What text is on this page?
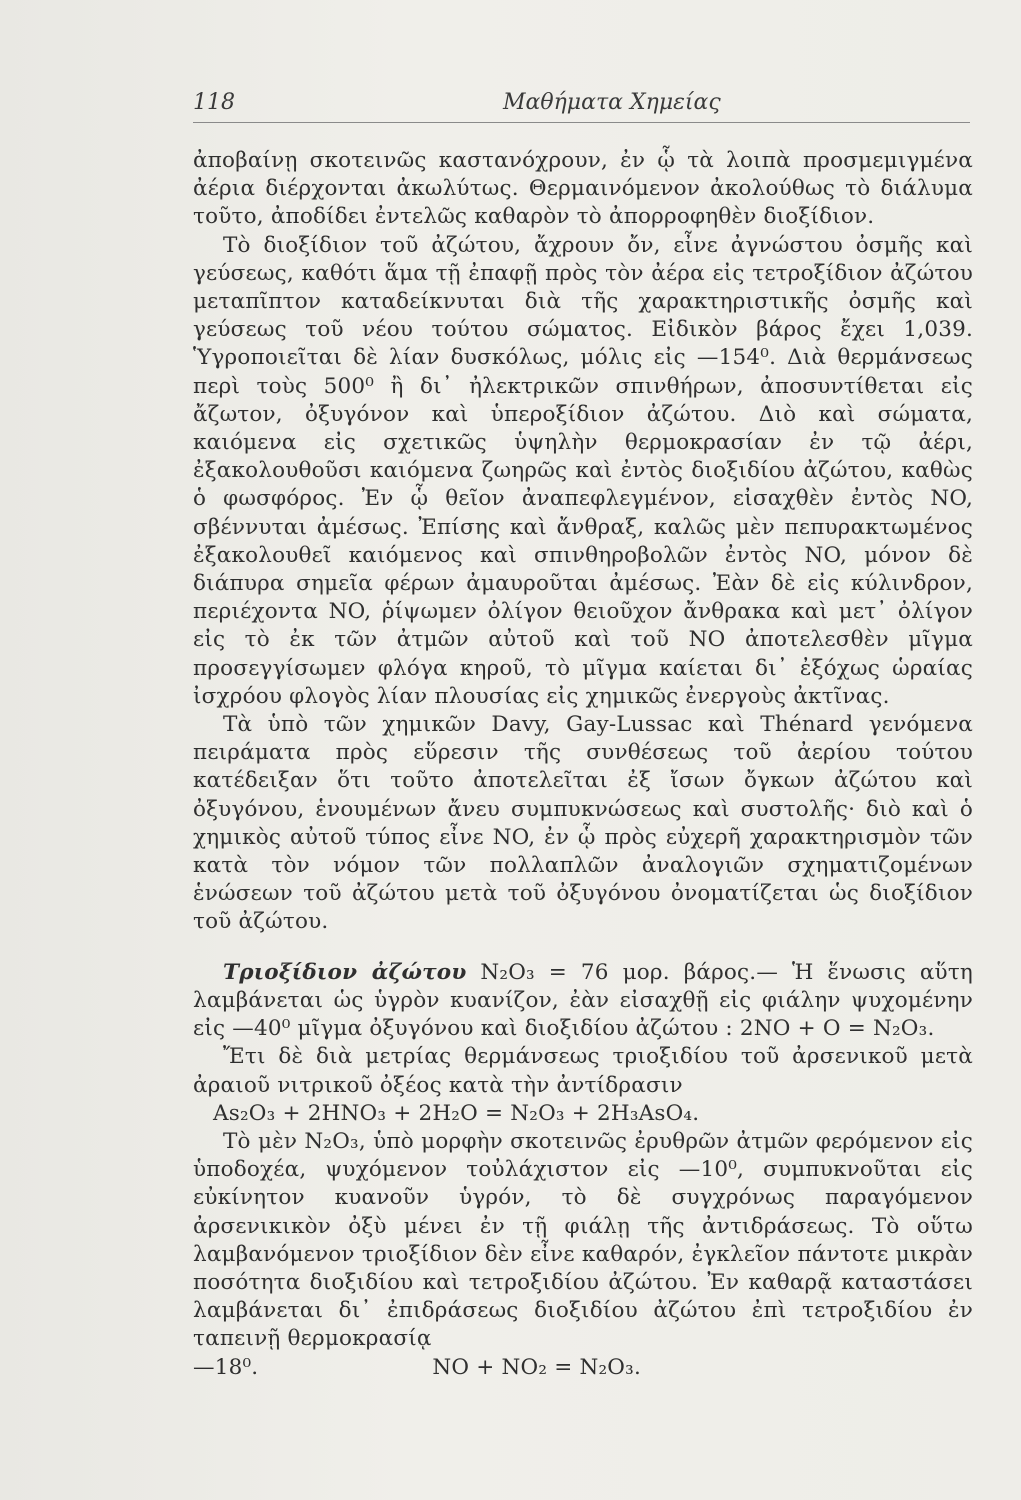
118	Μαθήματα Χημείας

ἀποβαίνῃ σκοτεινῶς καστανόχρουν, ἐν ᾧ τὰ λοιπὰ προσμεμιγμένα ἀέρια διέρχονται ἀκωλύτως. Θερμαινόμενον ἀκολούθως τὸ διάλυμα τοῦτο, ἀποδίδει ἐντελῶς καθαρὸν τὸ ἀπορροφηθὲν διοξίδιον.

Τὸ διοξίδιον τοῦ ἀζώτου, ἄχρουν ὄν, εἶνε ἀγνώστου ὀσμῆς καὶ γεύσεως, καθότι ἅμα τῇ ἐπαφῇ πρὸς τὸν ἀέρα εἰς τετροξίδιον ἀζώτου μεταπῖπτον καταδείκνυται διὰ τῆς χαρακτηριστικῆς ὀσμῆς καὶ γεύσεως τοῦ νέου τούτου σώματος. Εἰδικὸν βάρος ἔχει 1,039. Ὑγροποιεῖται δὲ λίαν δυσκόλως, μόλις εἰς —154⁰. Διὰ θερμάνσεως περὶ τοὺς 500⁰ ἢ δι᾽ ἠλεκτρικῶν σπινθήρων, ἀποσυντίθεται εἰς ἄζωτον, ὀξυγόνον καὶ ὑπεροξίδιον ἀζώτου. Διὸ καὶ σώματα, καιόμενα εἰς σχετικῶς ὑψηλὴν θερμοκρασίαν ἐν τῷ ἀέρι, ἐξακολουθοῦσι καιόμενα ζωηρῶς καὶ ἐντὸς διοξιδίου ἀζώτου, καθὼς ὁ φωσφόρος. Ἐν ᾧ θεῖον ἀναπεφλεγμένον, εἰσαχθὲν ἐντὸς NO, σβέννυται ἀμέσως. Ἐπίσης καὶ ἄνθραξ, καλῶς μὲν πεπυρακτωμένος ἐξακολουθεῖ καιόμενος καὶ σπινθηροβολῶν ἐντὸς NO, μόνον δὲ διάπυρα σημεῖα φέρων ἀμαυροῦται ἀμέσως. Ἐὰν δὲ εἰς κύλινδρον, περιέχοντα NO, ῥίψωμεν ὀλίγον θειοῦχον ἄνθρακα καὶ μετ᾽ ὀλίγον εἰς τὸ ἐκ τῶν ἀτμῶν αὐτοῦ καὶ τοῦ NO ἀποτελεσθὲν μῖγμα προσεγγίσωμεν φλόγα κηροῦ, τὸ μῖγμα καίεται δι᾽ ἐξόχως ὡραίας ἰσχρόου φλογὸς λίαν πλουσίας εἰς χημικῶς ἐνεργοὺς ἀκτῖνας.

Τὰ ὑπὸ τῶν χημικῶν Davy, Gay-Lussac καὶ Thénard γενόμενα πειράματα πρὸς εὕρεσιν τῆς συνθέσεως τοῦ ἀερίου τούτου κατέδειξαν ὅτι τοῦτο ἀποτελεῖται ἐξ ἴσων ὄγκων ἀζώτου καὶ ὀξυγόνου, ἑνουμένων ἄνευ συμπυκνώσεως καὶ συστολῆς· διὸ καὶ ὁ χημικὸς αὐτοῦ τύπος εἶνε NO, ἐν ᾧ πρὸς εὐχερῆ χαρακτηρισμὸν τῶν κατὰ τὸν νόμον τῶν πολλαπλῶν ἀναλογιῶν σχηματιζομένων ἑνώσεων τοῦ ἀζώτου μετὰ τοῦ ὀξυγόνου ὀνοματίζεται ὡς διοξίδιον τοῦ ἀζώτου.

Τριοξίδιον ἀζώτου N₂O₃ = 76 μορ. βάρος.— Ἡ ἕνωσις αὕτη λαμβάνεται ὡς ὑγρὸν κυανίζον, ἐὰν εἰσαχθῇ εἰς φιάλην ψυχομένην εἰς —40⁰ μῖγμα ὀξυγόνου καὶ διοξιδίου ἀζώτου : 2NO + O = N₂O₃.

Ἔτι δὲ διὰ μετρίας θερμάνσεως τριοξιδίου τοῦ ἀρσενικοῦ μετὰ ἀραιοῦ νιτρικοῦ ὀξέος κατὰ τὴν ἀντίδρασιν

As₂O₃ + 2HNO₃ + 2H₂O = N₂O₃ + 2H₃AsO₄.

Τὸ μὲν N₂O₃, ὑπὸ μορφὴν σκοτεινῶς ἐρυθρῶν ἀτμῶν φερόμενον εἰς ὑποδοχέα, ψυχόμενον τοὐλάχιστον εἰς —10⁰, συμπυκνοῦται εἰς εὐκίνητον κυανοῦν ὑγρόν, τὸ δὲ συγχρόνως παραγόμενον ἀρσενικικὸν ὀξὺ μένει ἐν τῇ φιάλῃ τῆς ἀντιδράσεως. Τὸ οὕτω λαμβανόμενον τριοξίδιον δὲν εἶνε καθαρόν, ἐγκλεῖον πάντοτε μικρὰν ποσότητα διοξιδίου καὶ τετροξιδίου ἀζώτου. Ἐν καθαρᾷ καταστάσει λαμβάνεται δι᾽ ἐπιδράσεως διοξιδίου ἀζώτου ἐπὶ τετροξιδίου ἐν ταπεινῇ θερμοκρασίᾳ

—18⁰.	NO + NO₂ = N₂O₃.
